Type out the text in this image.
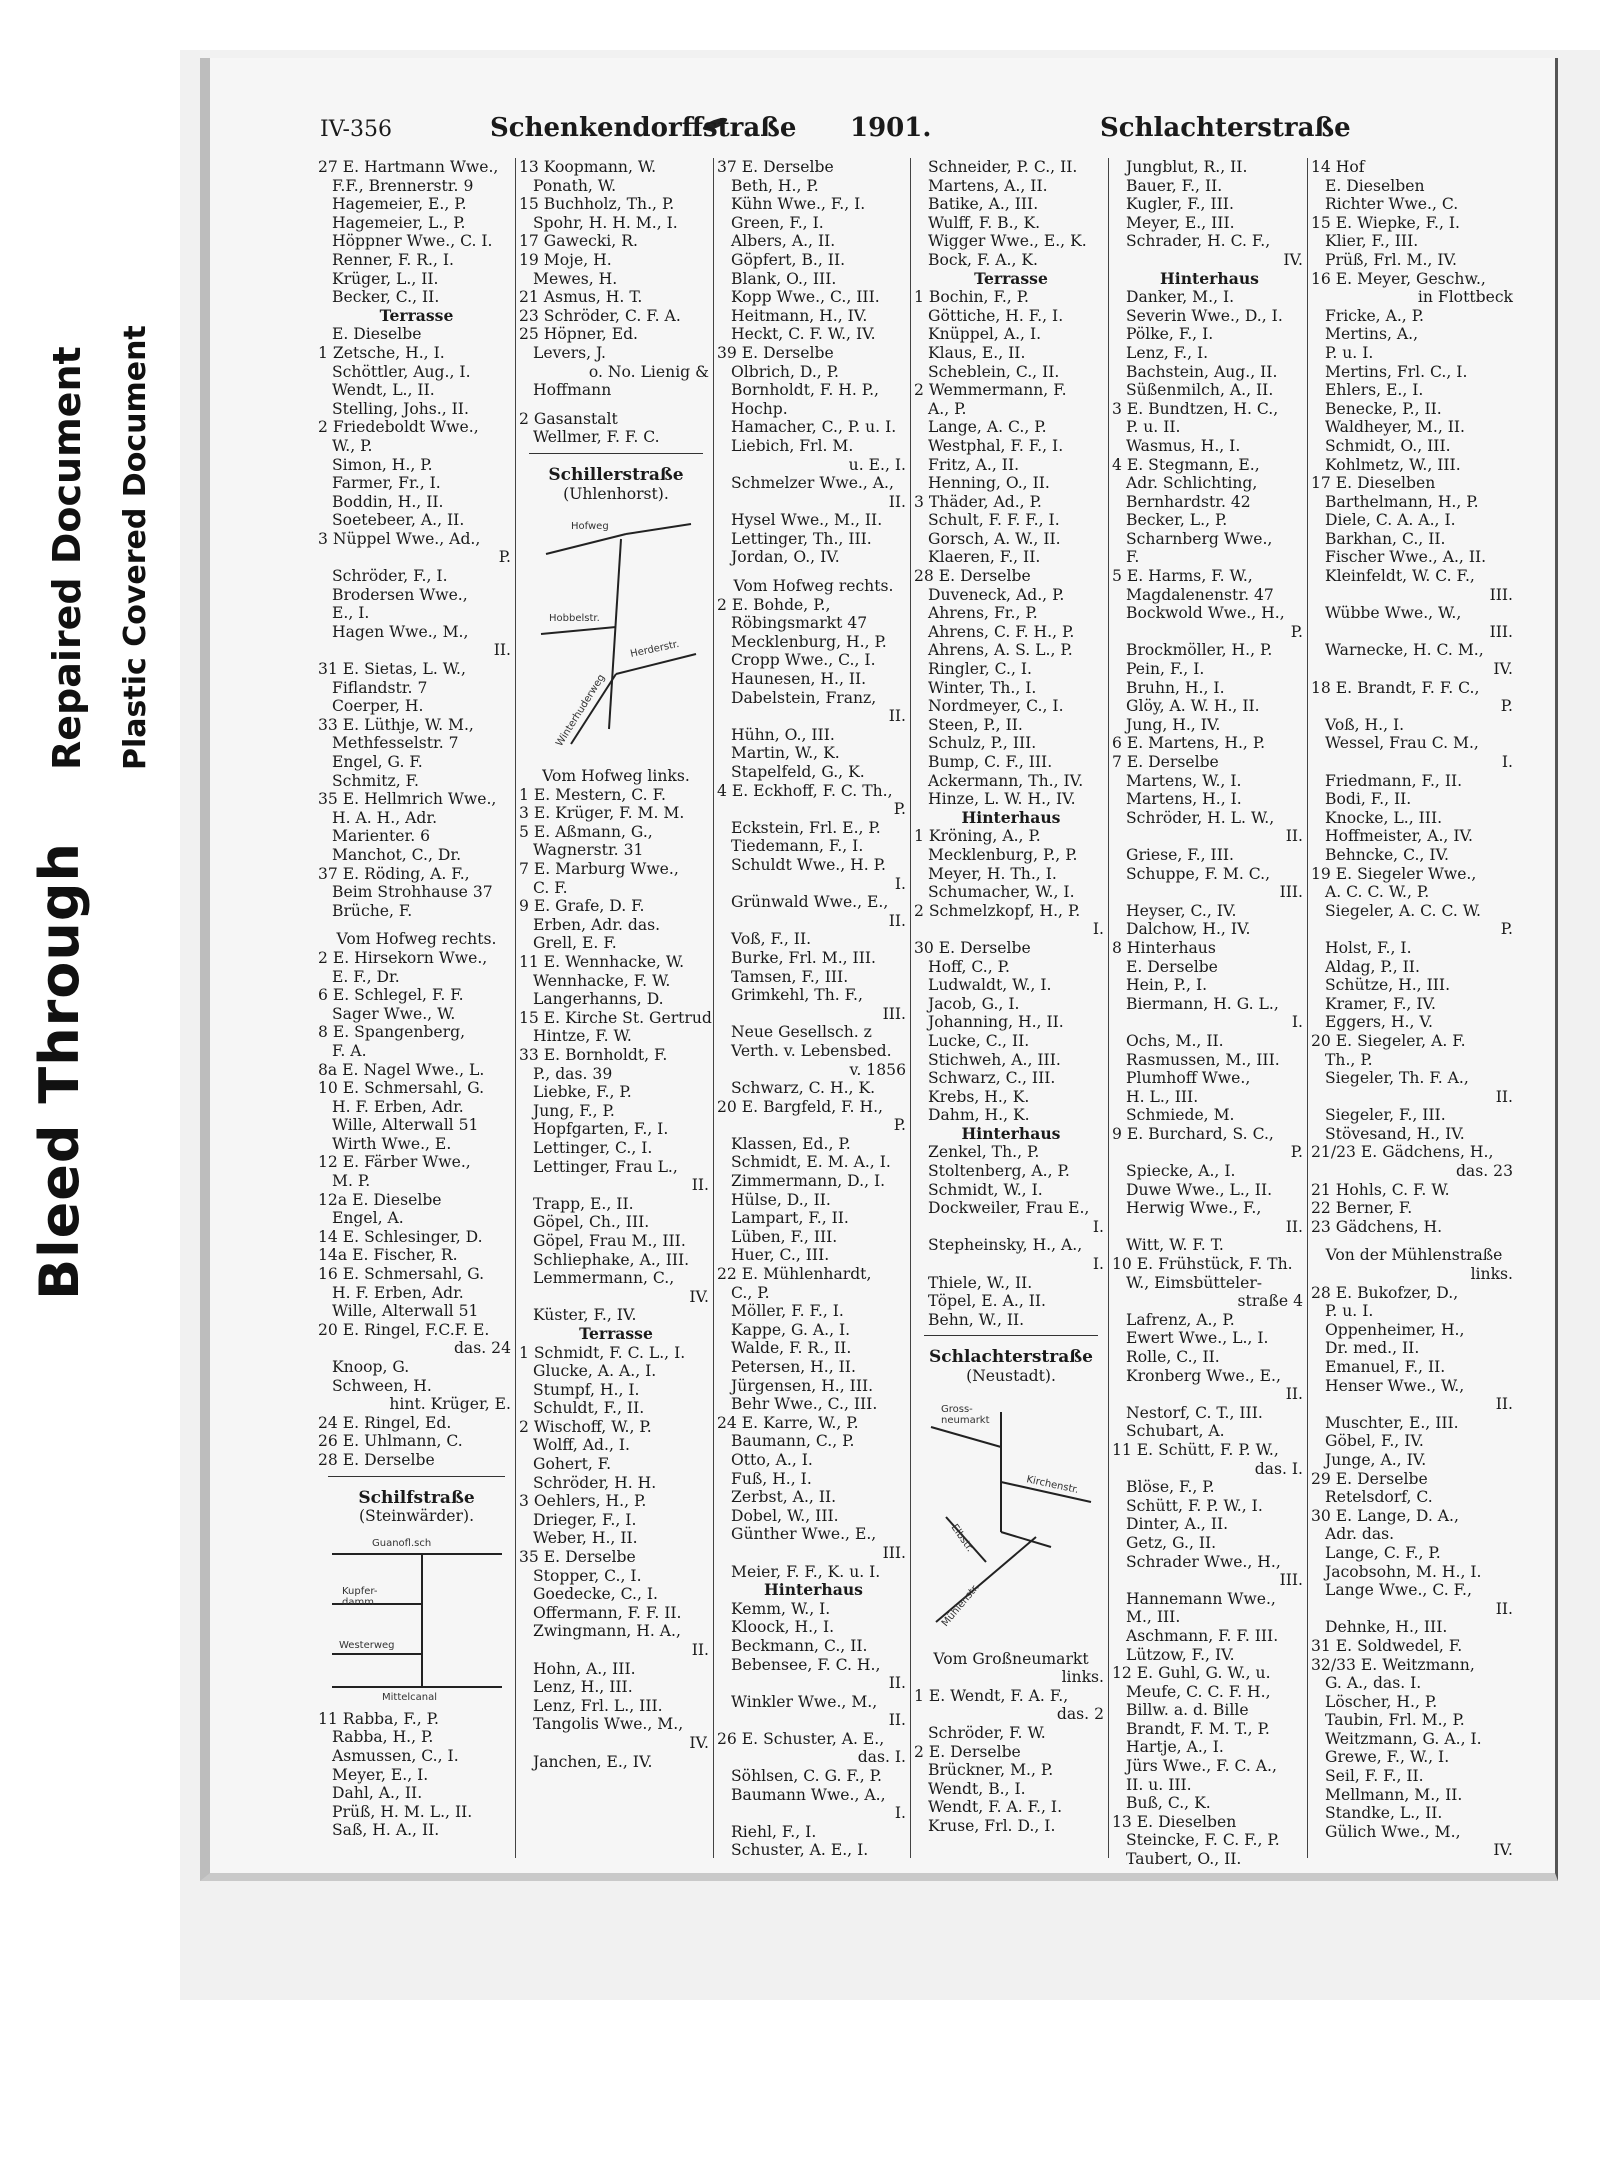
Bleed Through
Repaired Document Plastic Covered Document
IV-356	Schenkendorffstraße 1901.	Schlachterstraße
27 E. Hartmann Wwe.,
F.F., Brennerstr. 9
Hagemeier, E., P.
Hagemeier, L., P.
Höppner Wwe., C. I.
Renner, F. R., I.
Krüger, L., II.
Becker, C., II.
Terrasse
E. Dieselbe
1 Zetsche, H., I.
Schöttler, Aug., I.
Wendt, L., II.
Stelling, Johs., II.
2 Friedeboldt Wwe.,
W., P.
Simon, H., P.
Farmer, Fr., I.
Boddin, H., II.
Soetebeer, A., II.
3 Nüppel Wwe., Ad.,
P.
Schröder, F., I.
Brodersen Wwe.,
E., I.
Hagen Wwe., M.,
II.
31 E. Sietas, L. W.,
Fiflandstr. 7
Coerper, H.
33 E. Lüthje, W. M.,
Methfesselstr. 7
Engel, G. F.
Schmitz, F.
35 E. Hellmrich Wwe.,
H. A. H., Adr.
Marienter. 6
Manchot, C., Dr.
37 E. Röding, A. F.,
Beim Strohhause 37
Brüche, F.
Vom Hofweg rechts.
2 E. Hirsekorn Wwe.,
E. F., Dr.
6 E. Schlegel, F. F.
Sager Wwe., W.
8 E. Spangenberg,
F. A.
8a E. Nagel Wwe., L.
10 E. Schmersahl, G.
H. F. Erben, Adr.
Wille, Alterwall 51
Wirth Wwe., E.
12 E. Färber Wwe.,
M. P.
12a E. Dieselbe
Engel, A.
14 E. Schlesinger, D.
14a E. Fischer, R.
16 E. Schmersahl, G.
H. F. Erben, Adr.
Wille, Alterwall 51
20 E. Ringel, F.C.F. E.
das. 24
Knoop, G.
Schween, H.
hint. Krüger, E.
24 E. Ringel, Ed.
26 E. Uhlmann, C.
28 E. Derselbe
Schilfstraße
(Steinwärder).
Guanofl.sch
Kupfer-damm
Westerweg
Mittelcanal
11 Rabba, F., P.
Rabba, H., P.
Asmussen, C., I.
Meyer, E., I.
Dahl, A., II.
Prüß, H. M. L., II.
Saß, H. A., II.
13 Koopmann, W.
Ponath, W.
15 Buchholz, Th., P.
Spohr, H. H. M., I.
17 Gawecki, R.
19 Moje, H.
Mewes, H.
21 Asmus, H. T.
23 Schröder, C. F. A.
25 Höpner, Ed.
Levers, J.
o. No. Lienig &
Hoffmann
2 Gasanstalt
Wellmer, F. F. C.
Schillerstraße
(Uhlenhorst).
Hofweg
Hobbelstr.
Herderstr.
Winterhuderweg
Vom Hofweg links.
1 E. Mestern, C. F.
3 E. Krüger, F. M. M.
5 E. Aßmann, G.,
Wagnerstr. 31
7 E. Marburg Wwe.,
C. F.
9 E. Grafe, D. F.
Erben, Adr. das.
Grell, E. F.
11 E. Wennhacke, W.
Wennhacke, F. W.
Langerhanns, D.
15 E. Kirche St. Gertrud
Hintze, F. W.
33 E. Bornholdt, F.
P., das. 39
Liebke, F., P.
Jung, F., P.
Hopfgarten, F., I.
Lettinger, C., I.
Lettinger, Frau L.,
II.
Trapp, E., II.
Göpel, Ch., III.
Göpel, Frau M., III.
Schliephake, A., III.
Lemmermann, C.,
IV.
Küster, F., IV.
Terrasse
1 Schmidt, F. C. L., I.
Glucke, A. A., I.
Stumpf, H., I.
Schuldt, F., II.
2 Wischoff, W., P.
Wolff, Ad., I.
Gohert, F.
Schröder, H. H.
3 Oehlers, H., P.
Drieger, F., I.
Weber, H., II.
35 E. Derselbe
Stopper, C., I.
Goedecke, C., I.
Offermann, F. F. II.
Zwingmann, H. A.,
II.
Hohn, A., III.
Lenz, H., III.
Lenz, Frl. L., III.
Tangolis Wwe., M.,
IV.
Janchen, E., IV.
37 E. Derselbe
Beth, H., P.
Kühn Wwe., F., I.
Green, F., I.
Albers, A., II.
Göpfert, B., II.
Blank, O., III.
Kopp Wwe., C., III.
Heitmann, H., IV.
Heckt, C. F. W., IV.
39 E. Derselbe
Olbrich, D., P.
Bornholdt, F. H. P.,
Hochp.
Hamacher, C., P. u. I.
Liebich, Frl. M.
u. E., I.
Schmelzer Wwe., A.,
II.
Hysel Wwe., M., II.
Lettinger, Th., III.
Jordan, O., IV.
Vom Hofweg rechts.
2 E. Bohde, P.,
Röbingsmarkt 47
Mecklenburg, H., P.
Cropp Wwe., C., I.
Haunesen, H., II.
Dabelstein, Franz,
II.
Hühn, O., III.
Martin, W., K.
Stapelfeld, G., K.
4 E. Eckhoff, F. C. Th.,
P.
Eckstein, Frl. E., P.
Tiedemann, F., I.
Schuldt Wwe., H. P.
I.
Grünwald Wwe., E.,
II.
Voß, F., II.
Burke, Frl. M., III.
Tamsen, F., III.
Grimkehl, Th. F.,
III.
Neue Gesellsch. z
Verth. v. Lebensbed.
v. 1856
Schwarz, C. H., K.
20 E. Bargfeld, F. H.,
P.
Klassen, Ed., P.
Schmidt, E. M. A., I.
Zimmermann, D., I.
Hülse, D., II.
Lampart, F., II.
Lüben, F., III.
Huer, C., III.
22 E. Mühlenhardt,
C., P.
Möller, F. F., I.
Kappe, G. A., I.
Walde, F. R., II.
Petersen, H., II.
Jürgensen, H., III.
Behr Wwe., C., III.
24 E. Karre, W., P.
Baumann, C., P.
Otto, A., I.
Fuß, H., I.
Zerbst, A., II.
Dobel, W., III.
Günther Wwe., E.,
III.
Meier, F. F., K. u. I.
Hinterhaus
Kemm, W., I.
Kloock, H., I.
Beckmann, C., II.
Bebensee, F. C. H.,
II.
Winkler Wwe., M.,
II.
26 E. Schuster, A. E.,
das. I.
Söhlsen, C. G. F., P.
Baumann Wwe., A.,
I.
Riehl, F., I.
Schuster, A. E., I.
Schneider, P. C., II.
Martens, A., II.
Batike, A., III.
Wulff, F. B., K.
Wigger Wwe., E., K.
Bock, F. A., K.
Terrasse
1 Bochin, F., P.
Göttiche, H. F., I.
Knüppel, A., I.
Klaus, E., II.
Scheblein, C., II.
2 Wemmermann, F.
A., P.
Lange, A. C., P.
Westphal, F. F., I.
Fritz, A., II.
Henning, O., II.
3 Thäder, Ad., P.
Schult, F. F. F., I.
Gorsch, A. W., II.
Klaeren, F., II.
28 E. Derselbe
Duveneck, Ad., P.
Ahrens, Fr., P.
Ahrens, C. F. H., P.
Ahrens, A. S. L., P.
Ringler, C., I.
Winter, Th., I.
Nordmeyer, C., I.
Steen, P., II.
Schulz, P., III.
Bump, C. F., III.
Ackermann, Th., IV.
Hinze, L. W. H., IV.
Hinterhaus
1 Kröning, A., P.
Mecklenburg, P., P.
Meyer, H. Th., I.
Schumacher, W., I.
2 Schmelzkopf, H., P.
I.
30 E. Derselbe
Hoff, C., P.
Ludwaldt, W., I.
Jacob, G., I.
Johanning, H., II.
Lucke, C., II.
Stichweh, A., III.
Schwarz, C., III.
Krebs, H., K.
Dahm, H., K.
Hinterhaus
Zenkel, Th., P.
Stoltenberg, A., P.
Schmidt, W., I.
Dockweiler, Frau E.,
I.
Stepheinsky, H., A.,
I.
Thiele, W., II.
Töpel, E. A., II.
Behn, W., II.
Schlachterstraße
(Neustadt).
Gross-neumarkt
Kirchenstr.
Elbstr.
Mühlenstr.
Vom Großneumarkt
links.
1 E. Wendt, F. A. F.,
das. 2
Schröder, F. W.
2 E. Derselbe
Brückner, M., P.
Wendt, B., I.
Wendt, F. A. F., I.
Kruse, Frl. D., I.
Jungblut, R., II.
Bauer, F., II.
Kugler, F., III.
Meyer, E., III.
Schrader, H. C. F.,
IV.
Hinterhaus
Danker, M., I.
Severin Wwe., D., I.
Pölke, F., I.
Lenz, F., I.
Bachstein, Aug., II.
Süßenmilch, A., II.
3 E. Bundtzen, H. C.,
P. u. II.
Wasmus, H., I.
4 E. Stegmann, E.,
Adr. Schlichting,
Bernhardstr. 42
Becker, L., P.
Scharnberg Wwe.,
F.
5 E. Harms, F. W.,
Magdalenenstr. 47
Bockwold Wwe., H.,
P.
Brockmöller, H., P.
Pein, F., I.
Bruhn, H., I.
Glöy, A. W. H., II.
Jung, H., IV.
6 E. Martens, H., P.
7 E. Derselbe
Martens, W., I.
Martens, H., I.
Schröder, H. L. W.,
II.
Griese, F., III.
Schuppe, F. M. C.,
III.
Heyser, C., IV.
Dalchow, H., IV.
8 Hinterhaus
E. Derselbe
Hein, P., I.
Biermann, H. G. L.,
I.
Ochs, M., II.
Rasmussen, M., III.
Plumhoff Wwe.,
H. L., III.
Schmiede, M.
9 E. Burchard, S. C.,
P.
Spiecke, A., I.
Duwe Wwe., L., II.
Herwig Wwe., F.,
II.
Witt, W. F. T.
10 E. Frühstück, F. Th.
W., Eimsbütteler-
straße 4
Lafrenz, A., P.
Ewert Wwe., L., I.
Rolle, C., II.
Kronberg Wwe., E.,
II.
Nestorf, C. T., III.
Schubart, A.
11 E. Schütt, F. P. W.,
das. I.
Blöse, F., P.
Schütt, F. P. W., I.
Dinter, A., II.
Getz, G., II.
Schrader Wwe., H.,
III.
Hannemann Wwe.,
M., III.
Aschmann, F. F. III.
Lützow, F., IV.
12 E. Guhl, G. W., u.
Meufe, C. C. F. H.,
Billw. a. d. Bille
Brandt, F. M. T., P.
Hartje, A., I.
Jürs Wwe., F. C. A.,
II. u. III.
Buß, C., K.
13 E. Dieselben
Steincke, F. C. F., P.
Taubert, O., II.
14 Hof
E. Dieselben
Richter Wwe., C.
15 E. Wiepke, F., I.
Klier, F., III.
Prüß, Frl. M., IV.
16 E. Meyer, Geschw.,
in Flottbeck
Fricke, A., P.
Mertins, A.,
P. u. I.
Mertins, Frl. C., I.
Ehlers, E., I.
Benecke, P., II.
Waldheyer, M., II.
Schmidt, O., III.
Kohlmetz, W., III.
17 E. Dieselben
Barthelmann, H., P.
Diele, C. A. A., I.
Barkhan, C., II.
Fischer Wwe., A., II.
Kleinfeldt, W. C. F.,
III.
Wübbe Wwe., W.,
III.
Warnecke, H. C. M.,
IV.
18 E. Brandt, F. F. C.,
P.
Voß, H., I.
Wessel, Frau C. M.,
I.
Friedmann, F., II.
Bodi, F., II.
Knocke, L., III.
Hoffmeister, A., IV.
Behncke, C., IV.
19 E. Siegeler Wwe.,
A. C. C. W., P.
Siegeler, A. C. C. W.
P.
Holst, F., I.
Aldag, P., II.
Schütze, H., III.
Kramer, F., IV.
Eggers, H., V.
20 E. Siegeler, A. F.
Th., P.
Siegeler, Th. F. A.,
II.
Siegeler, F., III.
Stövesand, H., IV.
21/23 E. Gädchens, H.,
das. 23
21 Hohls, C. F. W.
22 Berner, F.
23 Gädchens, H.
Von der Mühlenstraße
links.
28 E. Bukofzer, D.,
P. u. I.
Oppenheimer, H.,
Dr. med., II.
Emanuel, F., II.
Henser Wwe., W.,
II.
Muschter, E., III.
Göbel, F., IV.
Junge, A., IV.
29 E. Derselbe
Retelsdorf, C.
30 E. Lange, D. A.,
Adr. das.
Lange, C. F., P.
Jacobsohn, M. H., I.
Lange Wwe., C. F.,
II.
Dehnke, H., III.
31 E. Soldwedel, F.
32/33 E. Weitzmann,
G. A., das. I.
Löscher, H., P.
Taubin, Frl. M., P.
Weitzmann, G. A., I.
Grewe, F., W., I.
Seil, F. F., II.
Mellmann, M., II.
Standke, L., II.
Gülich Wwe., M.,
IV.
